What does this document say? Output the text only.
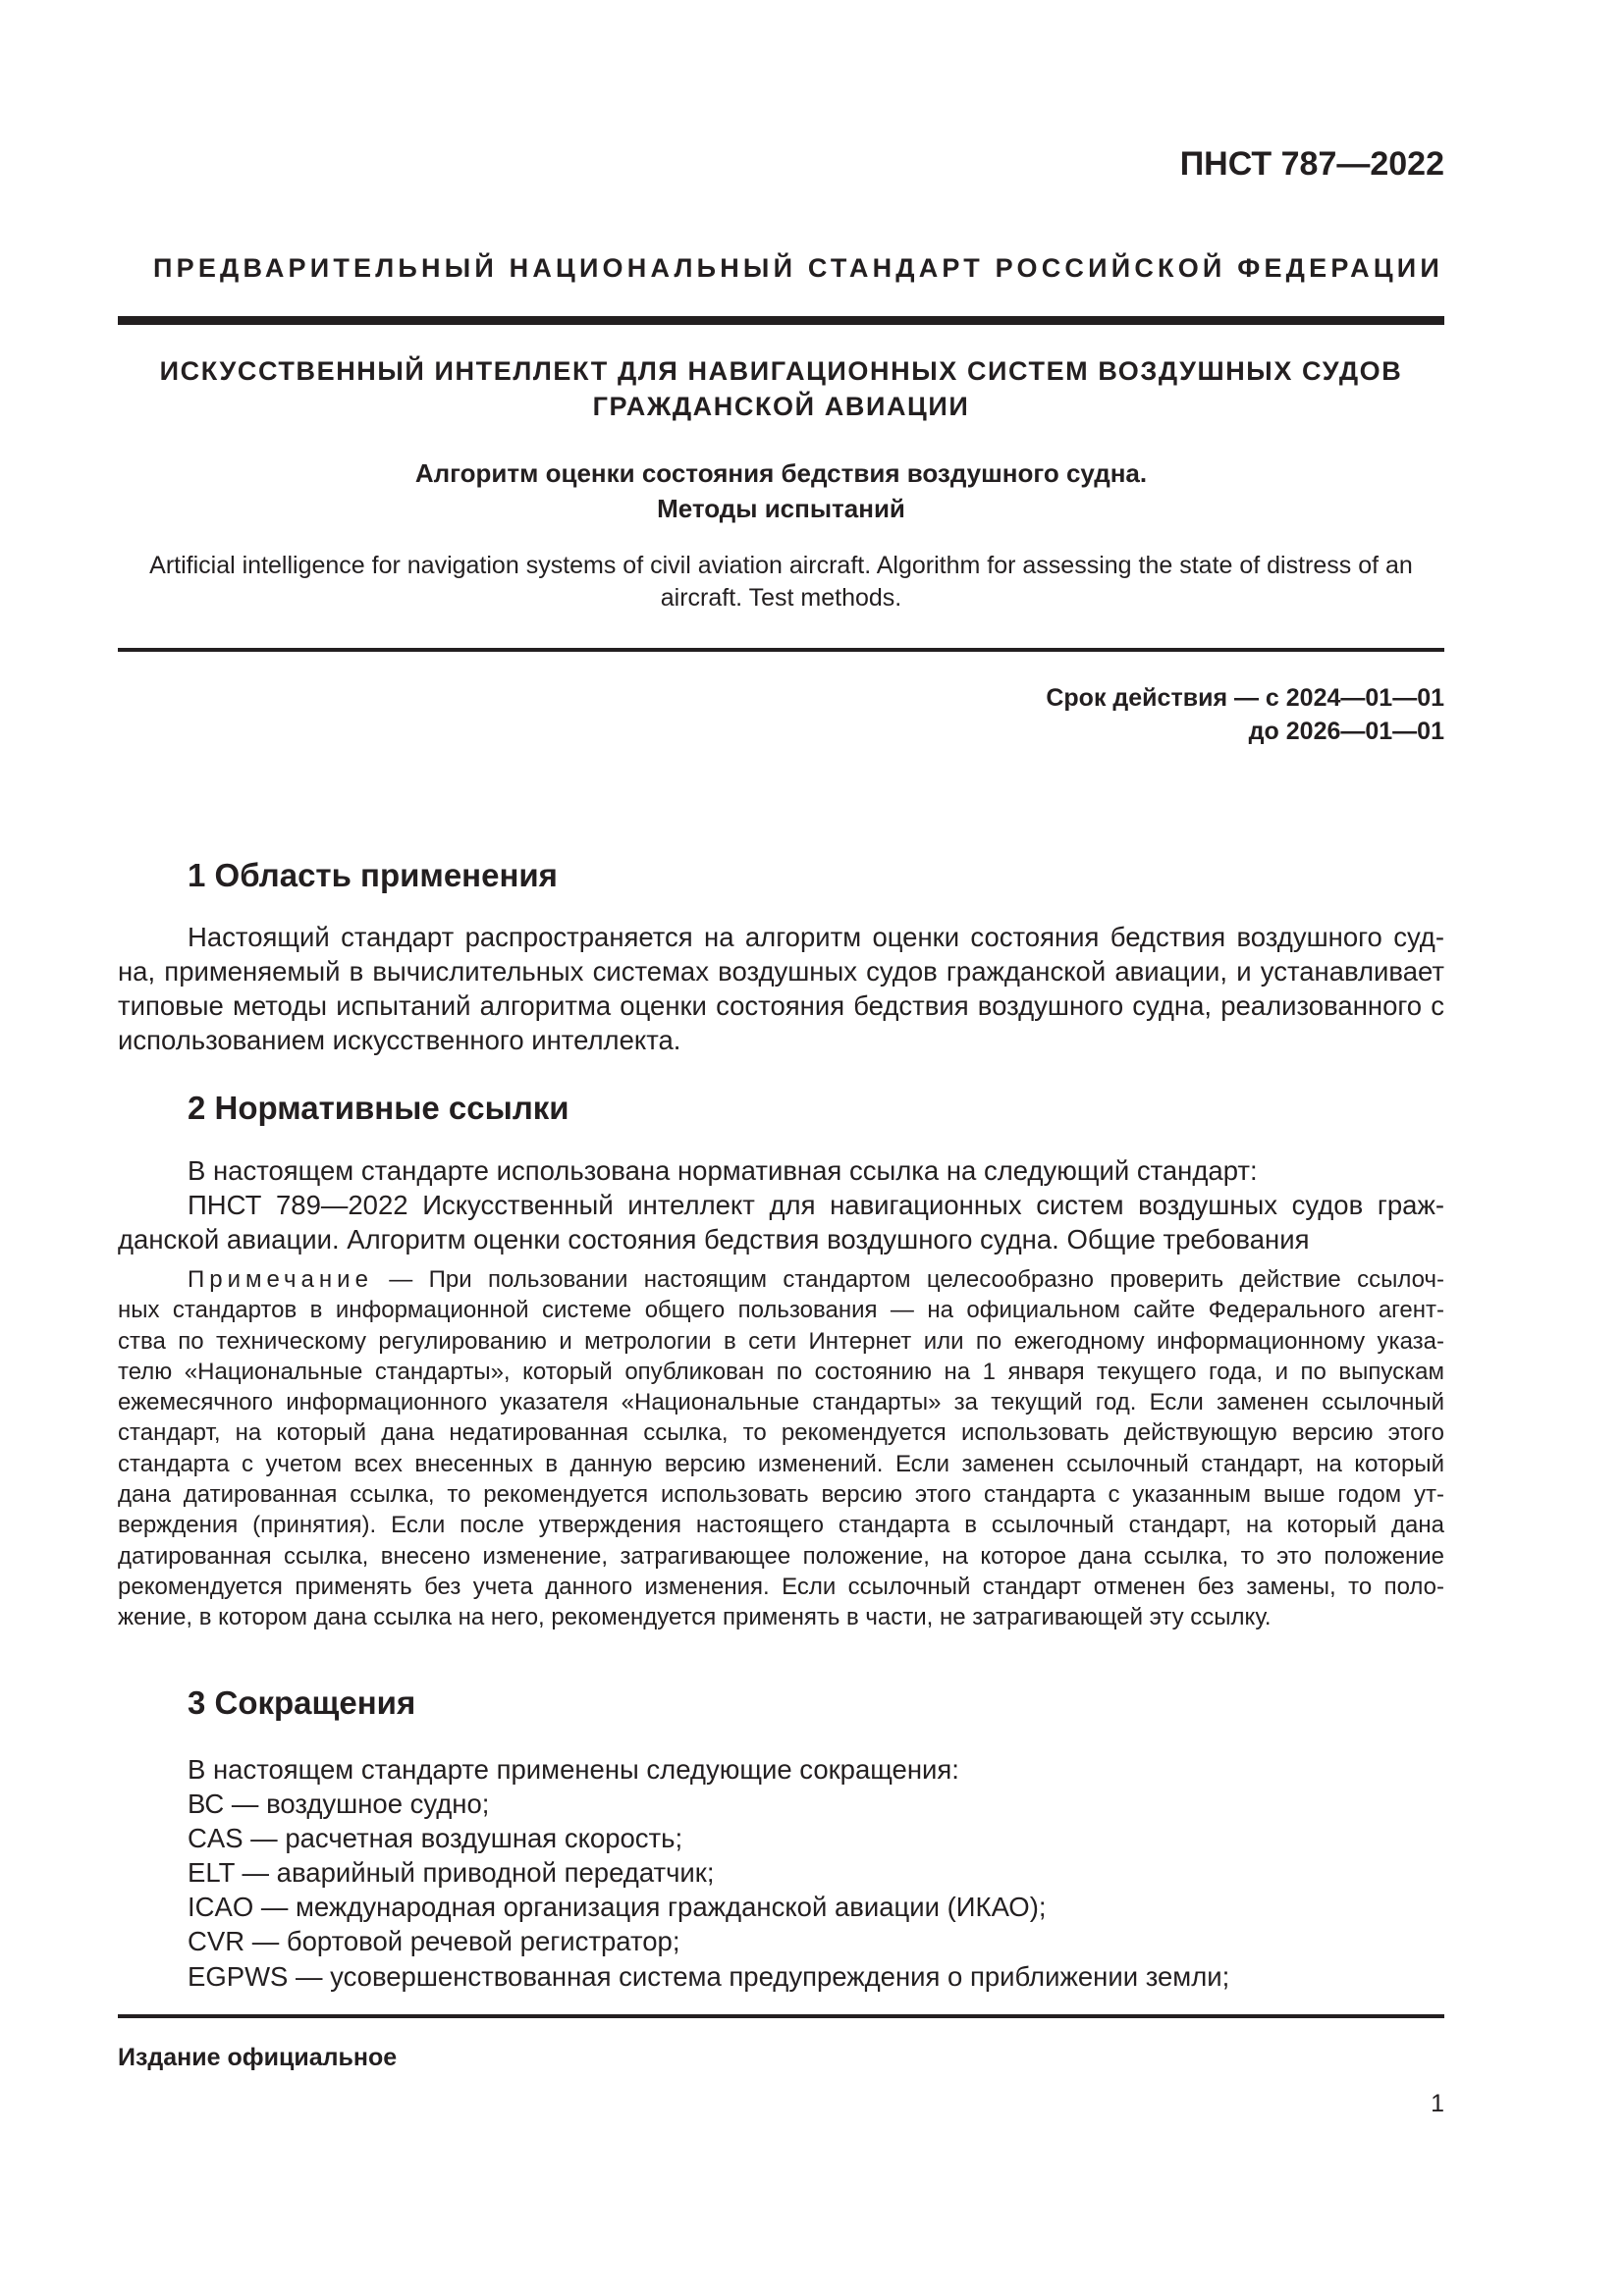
ПНСТ 787—2022

ПРЕДВАРИТЕЛЬНЫЙ НАЦИОНАЛЬНЫЙ СТАНДАРТ РОССИЙСКОЙ ФЕДЕРАЦИИ

ИСКУССТВЕННЫЙ ИНТЕЛЛЕКТ ДЛЯ НАВИГАЦИОННЫХ СИСТЕМ ВОЗДУШНЫХ СУДОВ
ГРАЖДАНСКОЙ АВИАЦИИ
Алгоритм оценки состояния бедствия воздушного судна.
Методы испытаний
Artificial intelligence for navigation systems of civil aviation aircraft. Algorithm for assessing the state of distress of an
aircraft. Test methods.
Срок действия — с 2024—01—01
до 2026—01—01

1 Область применения

Настоящий стандарт распространяется на алгоритм оценки состояния бедствия воздушного суд-
на, применяемый в вычислительных системах воздушных судов гражданской авиации, и устанавливает
типовые методы испытаний алгоритма оценки состояния бедствия воздушного судна, реализованного с
использованием искусственного интеллекта.

2 Нормативные ссылки

В настоящем стандарте использована нормативная ссылка на следующий стандарт:
ПНСТ 789—2022 Искусственный интеллект для навигационных систем воздушных судов граж-
данской авиации. Алгоритм оценки состояния бедствия воздушного судна. Общие требования
Примечание — При пользовании настоящим стандартом целесообразно проверить действие ссылоч-
ных стандартов в информационной системе общего пользования — на официальном сайте Федерального агент-
ства по техническому регулированию и метрологии в сети Интернет или по ежегодному информационному указа-
телю «Национальные стандарты», который опубликован по состоянию на 1 января текущего года, и по выпускам
ежемесячного информационного указателя «Национальные стандарты» за текущий год. Если заменен ссылочный
стандарт, на который дана недатированная ссылка, то рекомендуется использовать действующую версию этого
стандарта с учетом всех внесенных в данную версию изменений. Если заменен ссылочный стандарт, на который
дана датированная ссылка, то рекомендуется использовать версию этого стандарта с указанным выше годом ут-
верждения (принятия). Если после утверждения настоящего стандарта в ссылочный стандарт, на который дана
датированная ссылка, внесено изменение, затрагивающее положение, на которое дана ссылка, то это положение
рекомендуется применять без учета данного изменения. Если ссылочный стандарт отменен без замены, то поло-
жение, в котором дана ссылка на него, рекомендуется применять в части, не затрагивающей эту ссылку.

3 Сокращения

В настоящем стандарте применены следующие сокращения:
ВС — воздушное судно;
CAS — расчетная воздушная скорость;
ELT — аварийный приводной передатчик;
ICAO — международная организация гражданской авиации (ИКАО);
CVR — бортовой речевой регистратор;
EGPWS — усовершенствованная система предупреждения о приближении земли;

Издание официальное

1
